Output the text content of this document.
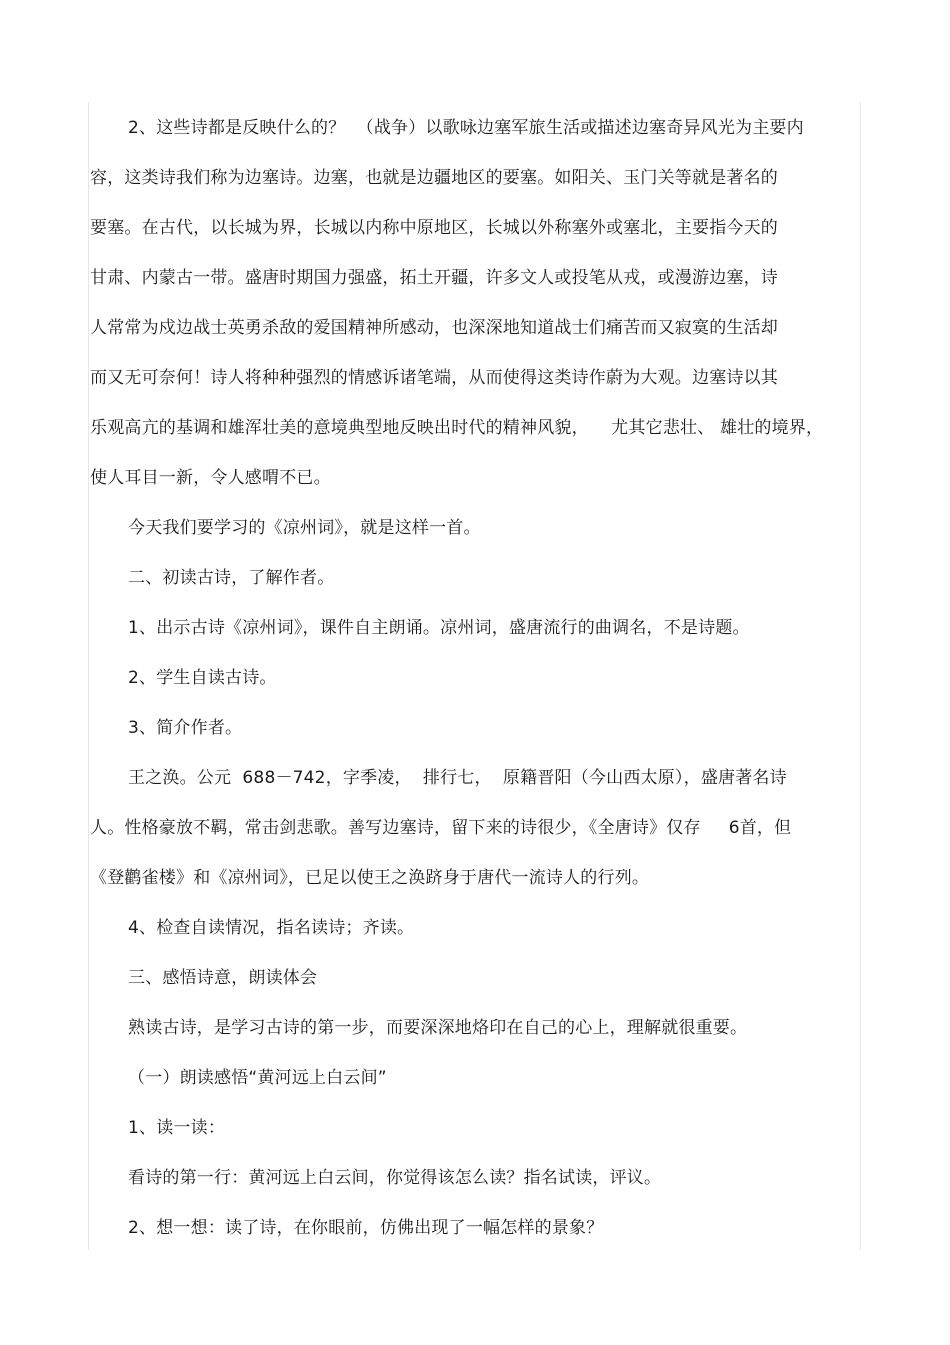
2、这些诗都是反映什么的？  （战争）以歌咏边塞军旅生活或描述边塞奇异风光为主要内
容，这类诗我们称为边塞诗。边塞，也就是边疆地区的要塞。如阳关、玉门关等就是著名的
要塞。在古代，以长城为界，长城以内称中原地区，长城以外称塞外或塞北，主要指今天的
甘肃、内蒙古一带。盛唐时期国力强盛，拓土开疆，许多文人或投笔从戎，或漫游边塞，诗
人常常为戍边战士英勇杀敌的爱国精神所感动，也深深地知道战士们痛苦而又寂寞的生活却
而又无可奈何！诗人将种种强烈的情感诉诸笔端，从而使得这类诗作蔚为大观。边塞诗以其
乐观高亢的基调和雄浑壮美的意境典型地反映出时代的精神风貌，    尤其它悲壮、 雄壮的境界，
使人耳目一新，令人感喟不已。
今天我们要学习的《凉州词》，就是这样一首。
二、初读古诗，了解作者。
1、出示古诗《凉州词》，课件自主朗诵。凉州词，盛唐流行的曲调名，不是诗题。
2、学生自读古诗。
3、简介作者。
王之涣。公元  688－742，字季凌，  排行七，  原籍晋阳（今山西太原），盛唐著名诗
人。性格豪放不羁，常击剑悲歌。善写边塞诗，留下来的诗很少，《全唐诗》仅存     6首，但
《登鹳雀楼》和《凉州词》，已足以使王之涣跻身于唐代一流诗人的行列。
4、检查自读情况，指名读诗；齐读。
三、感悟诗意，朗读体会
熟读古诗，是学习古诗的第一步，而要深深地烙印在自己的心上，理解就很重要。
（一）朗读感悟“黄河远上白云间”
1、读一读：
看诗的第一行：黄河远上白云间，你觉得该怎么读？指名试读，评议。
2、想一想：读了诗，在你眼前，仿佛出现了一幅怎样的景象？
